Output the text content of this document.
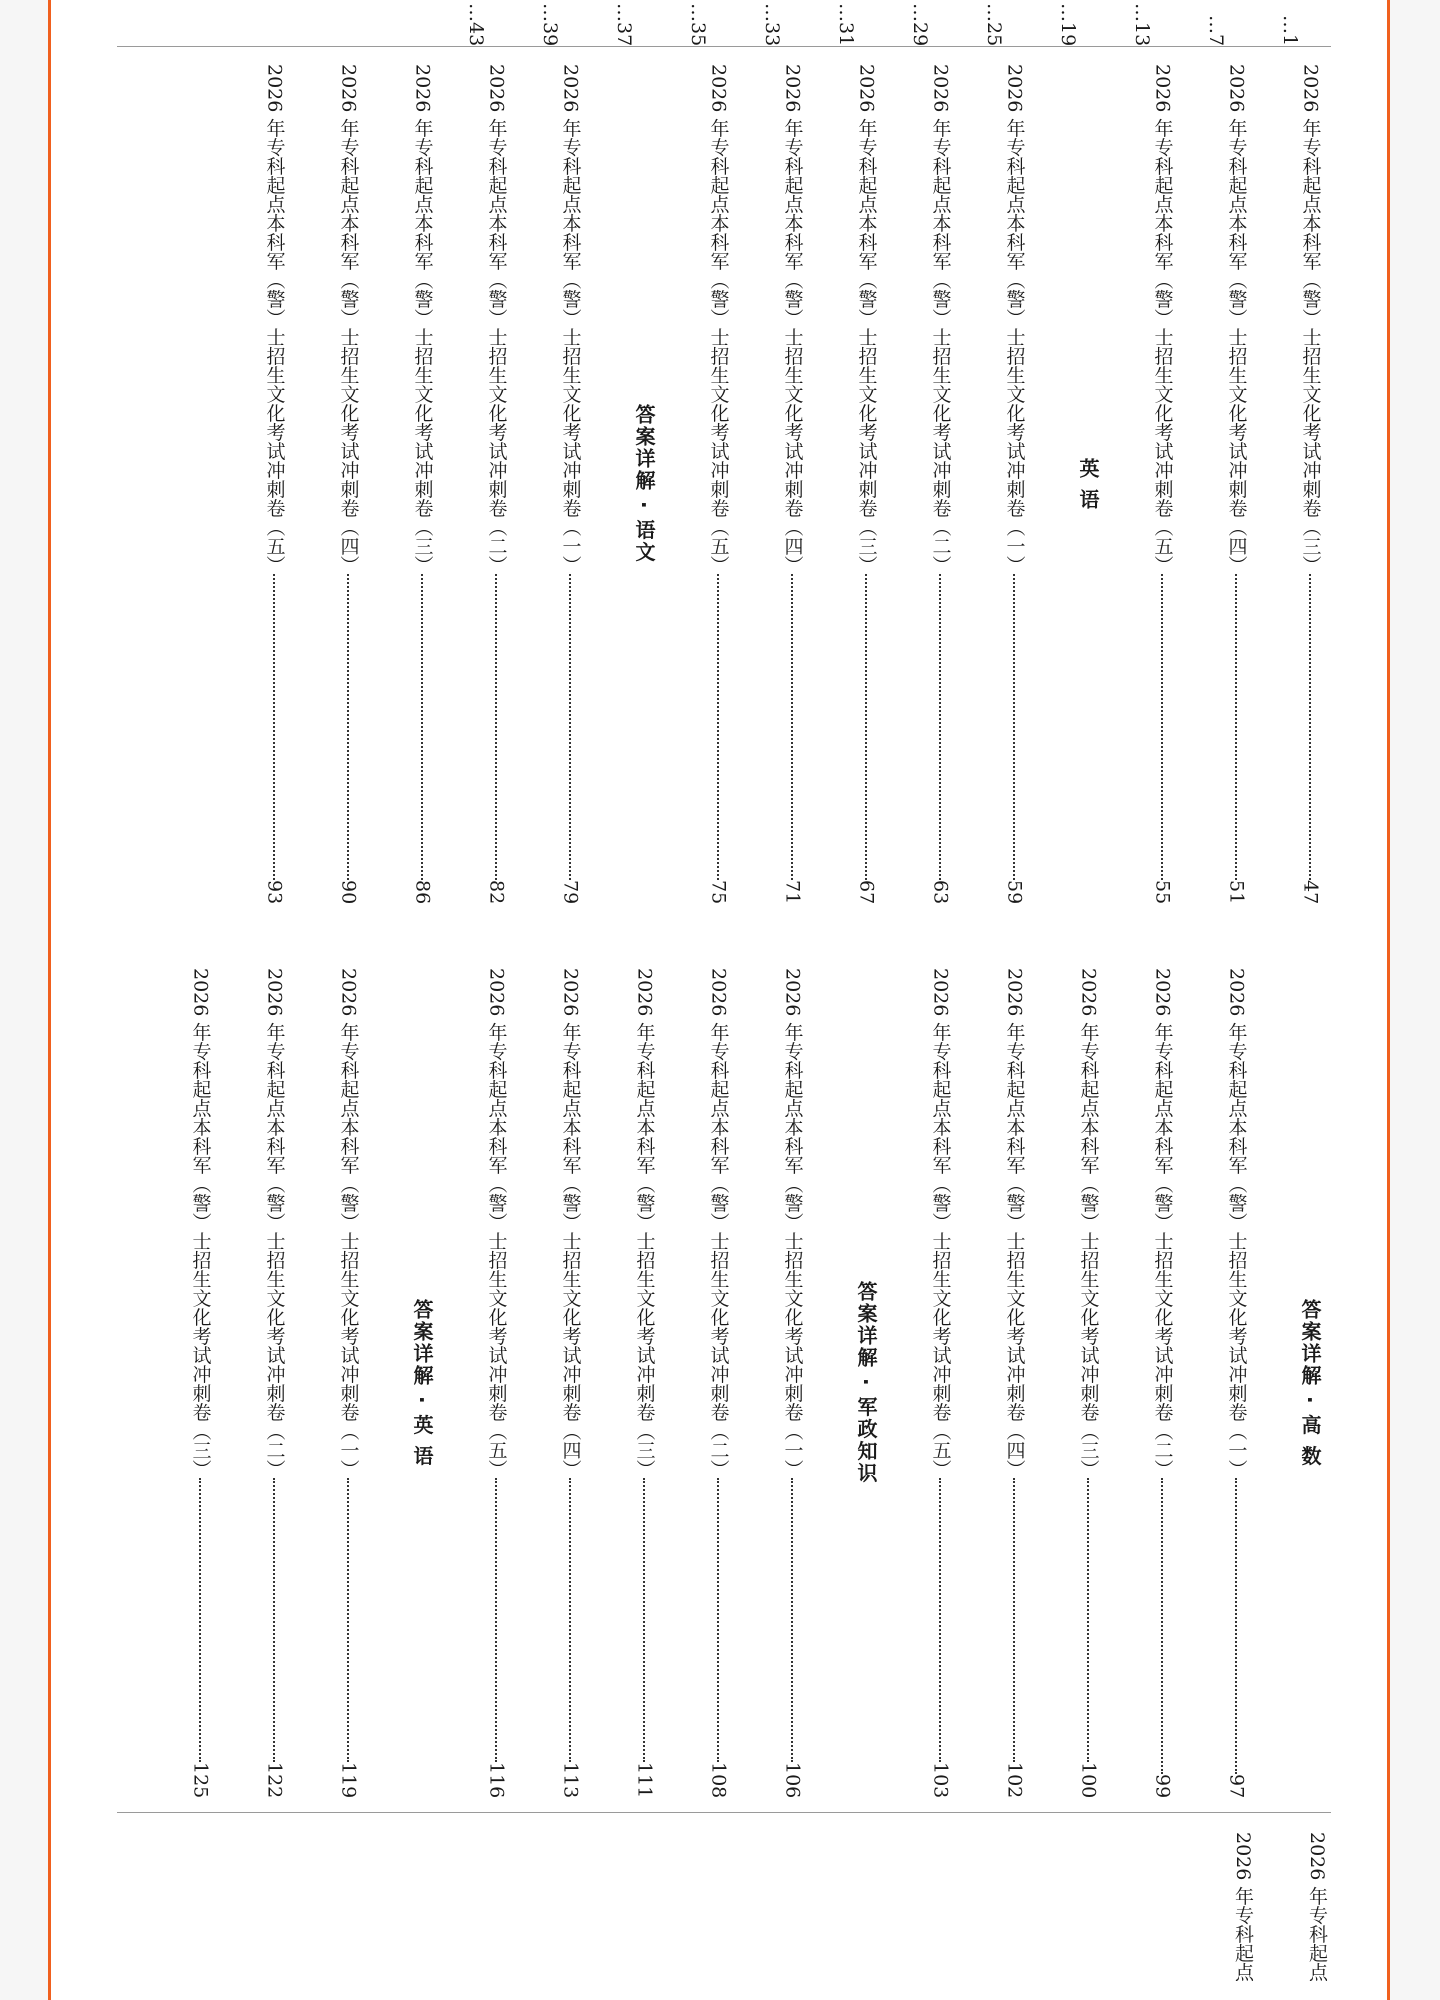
…43	…39	…37	…35	…33	…31	…29	…25	…19	…13	…7	…1
2026 年专科起点本科军（警）士招生文化考试冲刺卷（三）
47
2026 年专科起点本科军（警）士招生文化考试冲刺卷（四）
51
2026 年专科起点本科军（警）士招生文化考试冲刺卷（五）
55
英 语
2026 年专科起点本科军（警）士招生文化考试冲刺卷（一）
59
2026 年专科起点本科军（警）士招生文化考试冲刺卷（二）
63
2026 年专科起点本科军（警）士招生文化考试冲刺卷（三）
67
2026 年专科起点本科军（警）士招生文化考试冲刺卷（四）
71
2026 年专科起点本科军（警）士招生文化考试冲刺卷（五）
75
答案详解 · 语文
2026 年专科起点本科军（警）士招生文化考试冲刺卷（一）
79
2026 年专科起点本科军（警）士招生文化考试冲刺卷（二）
82
2026 年专科起点本科军（警）士招生文化考试冲刺卷（三）
86
2026 年专科起点本科军（警）士招生文化考试冲刺卷（四）
90
2026 年专科起点本科军（警）士招生文化考试冲刺卷（五）
93
答案详解 · 高 数
2026 年专科起点本科军（警）士招生文化考试冲刺卷（一）
97
2026 年专科起点本科军（警）士招生文化考试冲刺卷（二）
99
2026 年专科起点本科军（警）士招生文化考试冲刺卷（三）
100
2026 年专科起点本科军（警）士招生文化考试冲刺卷（四）
102
2026 年专科起点本科军（警）士招生文化考试冲刺卷（五）
103
答案详解 · 军政知识
2026 年专科起点本科军（警）士招生文化考试冲刺卷（一）
106
2026 年专科起点本科军（警）士招生文化考试冲刺卷（二）
108
2026 年专科起点本科军（警）士招生文化考试冲刺卷（三）
111
2026 年专科起点本科军（警）士招生文化考试冲刺卷（四）
113
2026 年专科起点本科军（警）士招生文化考试冲刺卷（五）
116
答案详解 · 英 语
2026 年专科起点本科军（警）士招生文化考试冲刺卷（一）
119
2026 年专科起点本科军（警）士招生文化考试冲刺卷（二）
122
2026 年专科起点本科军（警）士招生文化考试冲刺卷（三）
125
2026 年专科起点
2026 年专科起点
